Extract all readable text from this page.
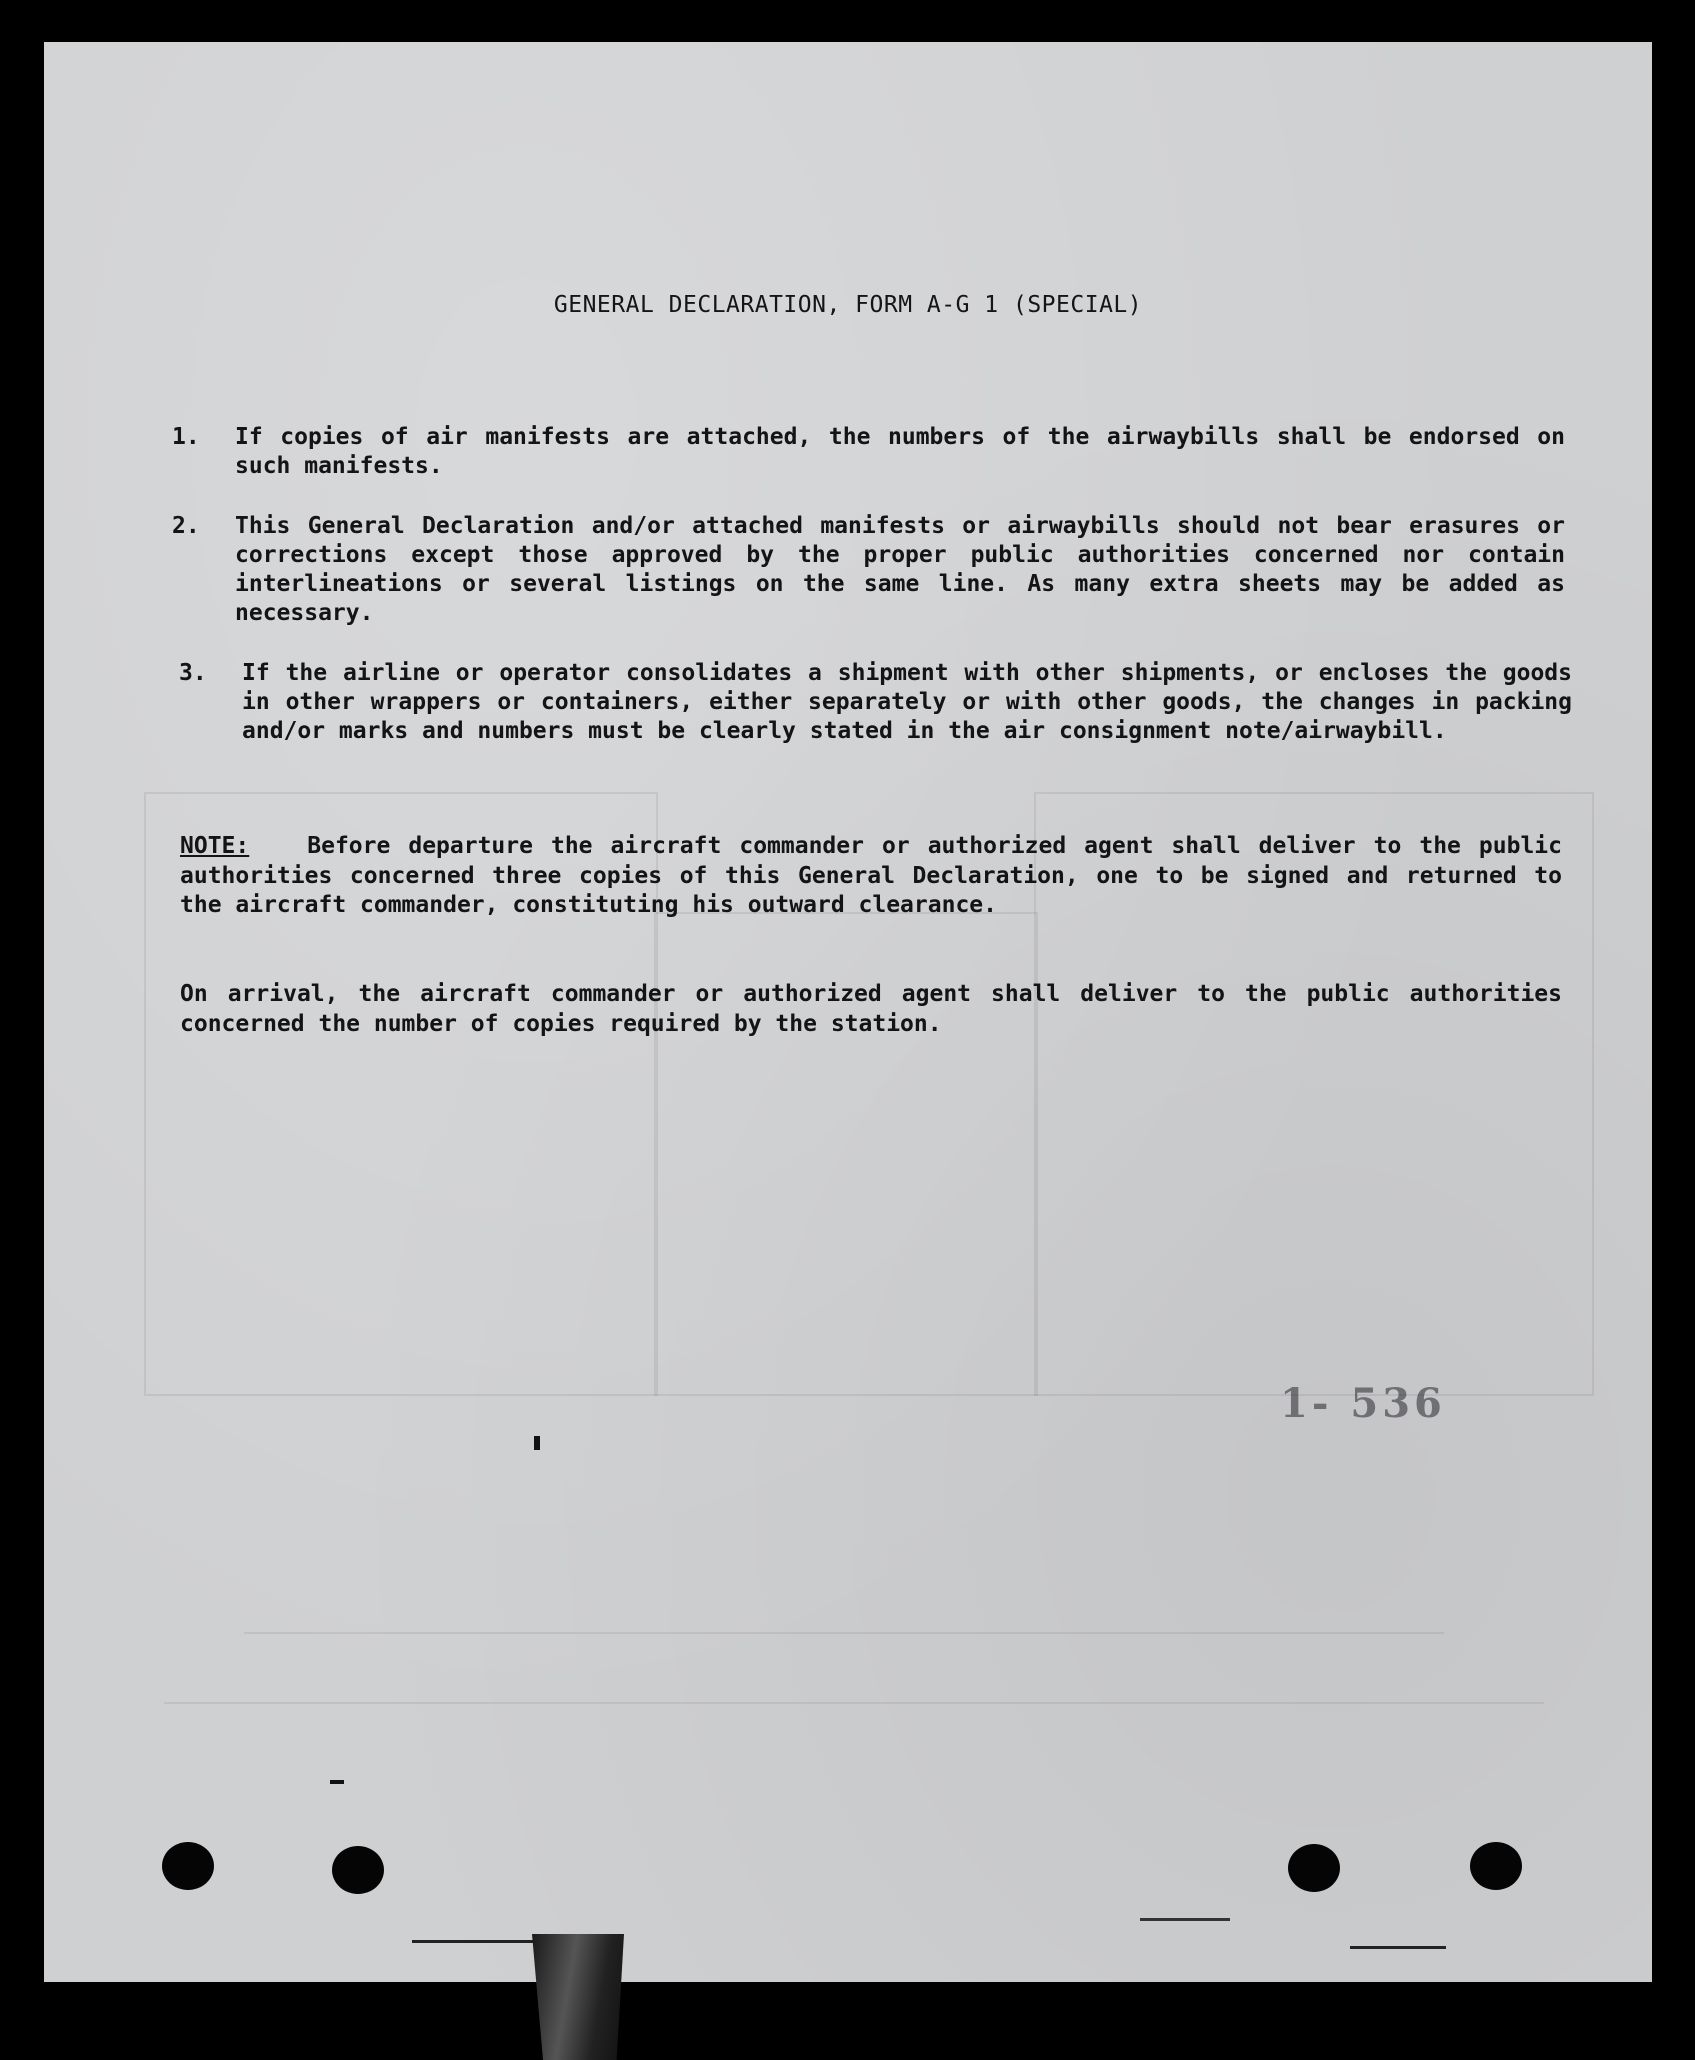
GENERAL DECLARATION, FORM A-G 1 (SPECIAL)
1.	If copies of air manifests are attached, the numbers of the airwaybills shall be endorsed on such manifests.
2.	This General Declaration and/or attached manifests or airwaybills should not bear erasures or corrections except those approved by the proper public authorities concerned nor contain interlineations or several listings on the same line. As many extra sheets may be added as necessary.
3.	If the airline or operator consolidates a shipment with other shipments, or encloses the goods in other wrappers or containers, either separately or with other goods, the changes in packing and/or marks and numbers must be clearly stated in the air consignment note/airwaybill.
NOTE:	Before departure the aircraft commander or authorized agent shall deliver to the public authorities concerned three copies of this General Declaration, one to be signed and returned to the aircraft commander, constituting his outward clearance.
On arrival, the aircraft commander or authorized agent shall deliver to the public authorities concerned the number of copies required by the station.
1- 536
